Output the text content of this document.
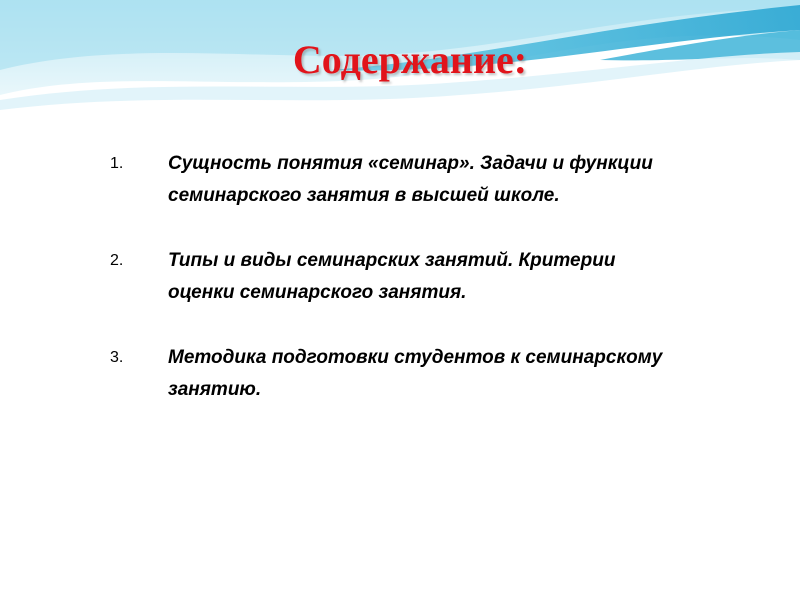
Содержание:
1.	Сущность понятия «семинар». Задачи и функции семинарского занятия в высшей школе.
2.	Типы и виды семинарских занятий. Критерии оценки семинарского занятия.
3.	Методика подготовки студентов к семинарскому занятию.
